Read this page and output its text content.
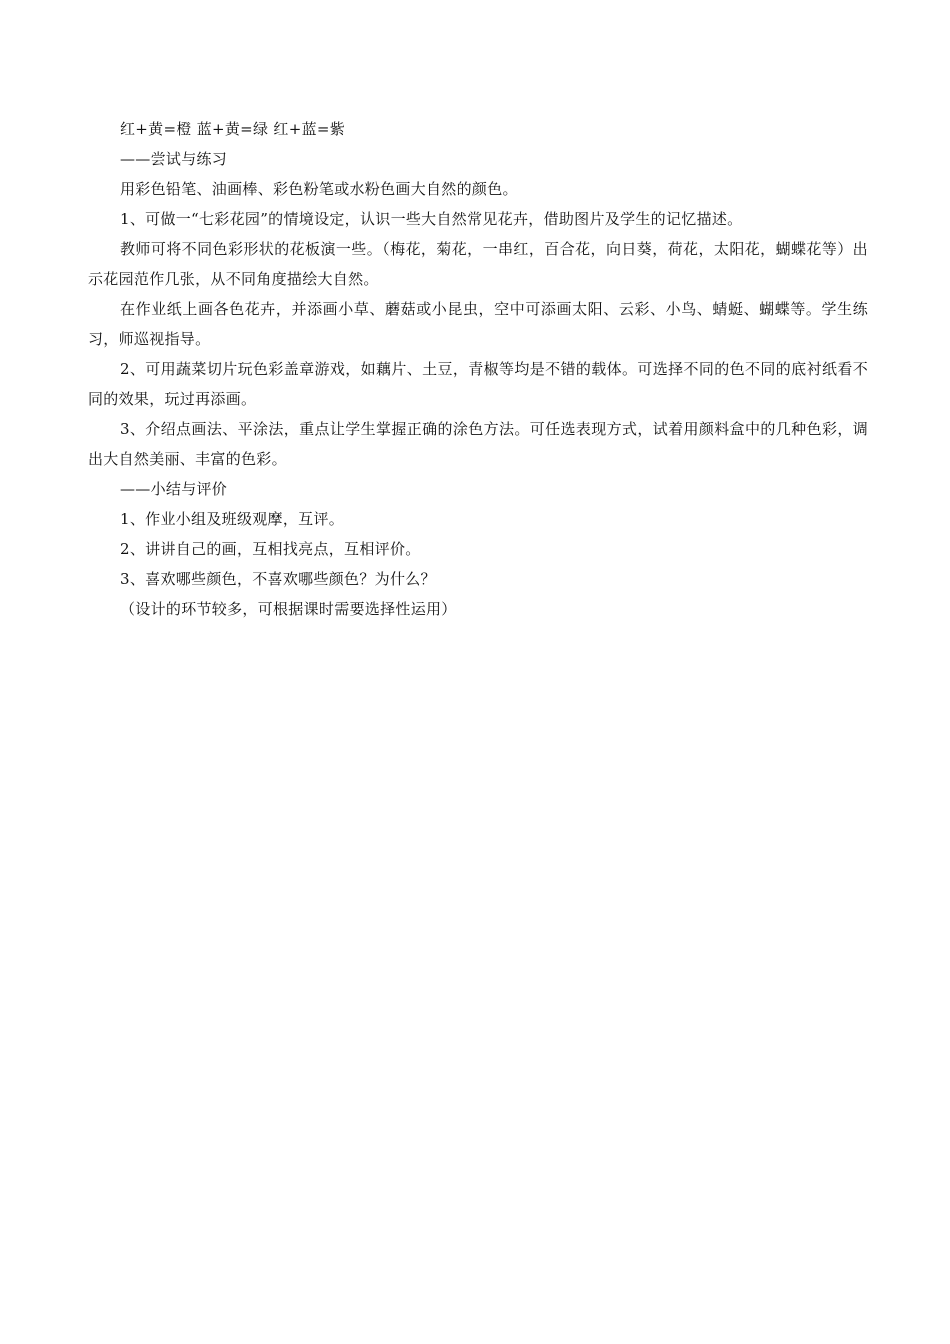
红+黄=橙 蓝+黄=绿 红+蓝=紫
——尝试与练习
用彩色铅笔、油画棒、彩色粉笔或水粉色画大自然的颜色。
1、可做一“七彩花园”的情境设定，认识一些大自然常见花卉，借助图片及学生的记忆描述。
教师可将不同色彩形状的花板演一些。（梅花，菊花，一串红，百合花，向日葵，荷花，太阳花，蝴蝶花等）出示花园范作几张，从不同角度描绘大自然。
在作业纸上画各色花卉，并添画小草、蘑菇或小昆虫，空中可添画太阳、云彩、小鸟、蜻蜓、蝴蝶等。学生练习，师巡视指导。
2、可用蔬菜切片玩色彩盖章游戏，如藕片、土豆，青椒等均是不错的载体。可选择不同的色不同的底衬纸看不同的效果，玩过再添画。
3、介绍点画法、平涂法，重点让学生掌握正确的涂色方法。可任选表现方式，试着用颜料盒中的几种色彩，调出大自然美丽、丰富的色彩。
——小结与评价
1、作业小组及班级观摩，互评。
2、讲讲自己的画，互相找亮点，互相评价。
3、喜欢哪些颜色，不喜欢哪些颜色？为什么？
（设计的环节较多，可根据课时需要选择性运用）
